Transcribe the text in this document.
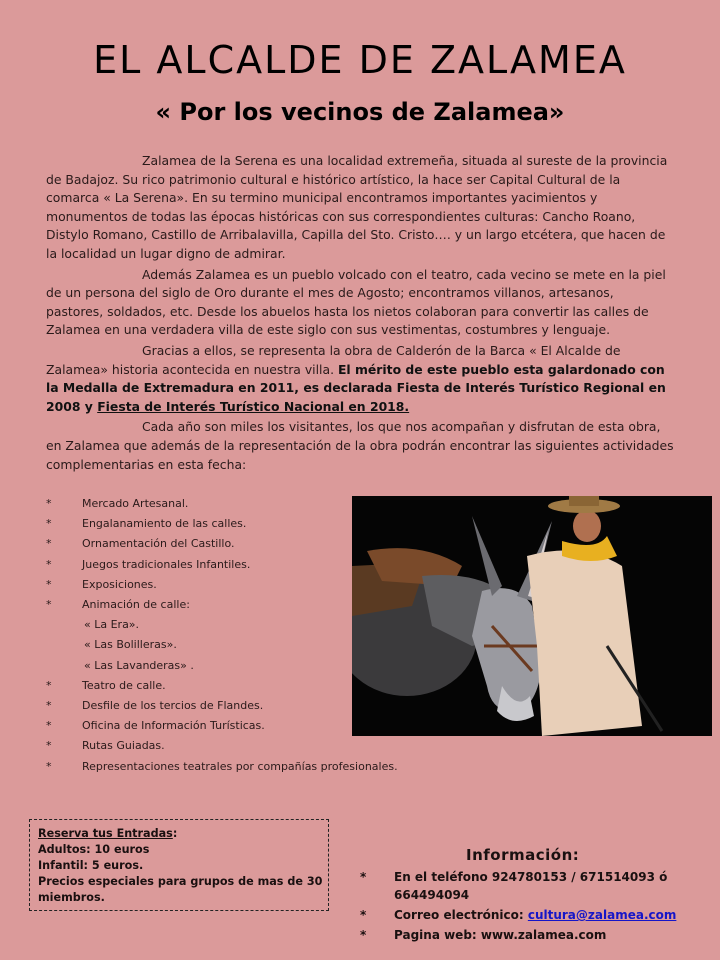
EL ALCALDE DE ZALAMEA
« Por los vecinos de Zalamea»

Zalamea de la Serena es una localidad extremeña, situada al sureste de la provincia de Badajoz. Su rico patrimonio cultural e histórico artístico, la hace ser Capital Cultural de la comarca « La Serena». En su termino municipal encontramos importantes yacimientos y monumentos de todas las épocas históricas con sus correspondientes culturas: Cancho Roano, Distylo Romano, Castillo de Arribalavilla, Capilla del Sto. Cristo…. y un largo etcétera, que hacen de la localidad un lugar digno de admirar.

Además Zalamea es un pueblo volcado con el teatro, cada vecino se mete en la piel de un persona del siglo de Oro durante el mes de Agosto; encontramos villanos, artesanos, pastores, soldados, etc. Desde los abuelos hasta los nietos colaboran para convertir las calles de Zalamea en una verdadera villa de este siglo con sus vestimentas, costumbres y lenguaje.

Gracias a ellos, se representa la obra de Calderón de la Barca « El Alcalde de Zalamea» historia acontecida en nuestra villa. El mérito de este pueblo esta galardonado con la Medalla de Extremadura en 2011, es declarada Fiesta de Interés Turístico Regional en 2008 y Fiesta de Interés Turístico Nacional en 2018.

Cada año son miles los visitantes, los que nos acompañan y disfrutan de esta obra, en Zalamea que además de la representación de la obra podrán encontrar las siguientes actividades complementarias en esta fecha:

*	Mercado Artesanal.
*	Engalanamiento de las calles.
*	Ornamentación del Castillo.
*	Juegos tradicionales Infantiles.
*	Exposiciones.
*	Animación de calle:
« La Era».
« Las Bolilleras».
« Las Lavanderas» .
*	Teatro de calle.
*	Desfile de los tercios de Flandes.
*	Oficina de Información Turísticas.
*	Rutas Guiadas.
*	Representaciones teatrales por compañías profesionales.
Reserva tus Entradas:
Adultos: 10 euros
Infantil: 5 euros.
Precios especiales para grupos de mas de 30 miembros.
Información:
*	En el teléfono 924780153 / 671514093 ó 664494094
*	Correo electrónico: cultura@zalamea.com
*	Pagina web: www.zalamea.com
